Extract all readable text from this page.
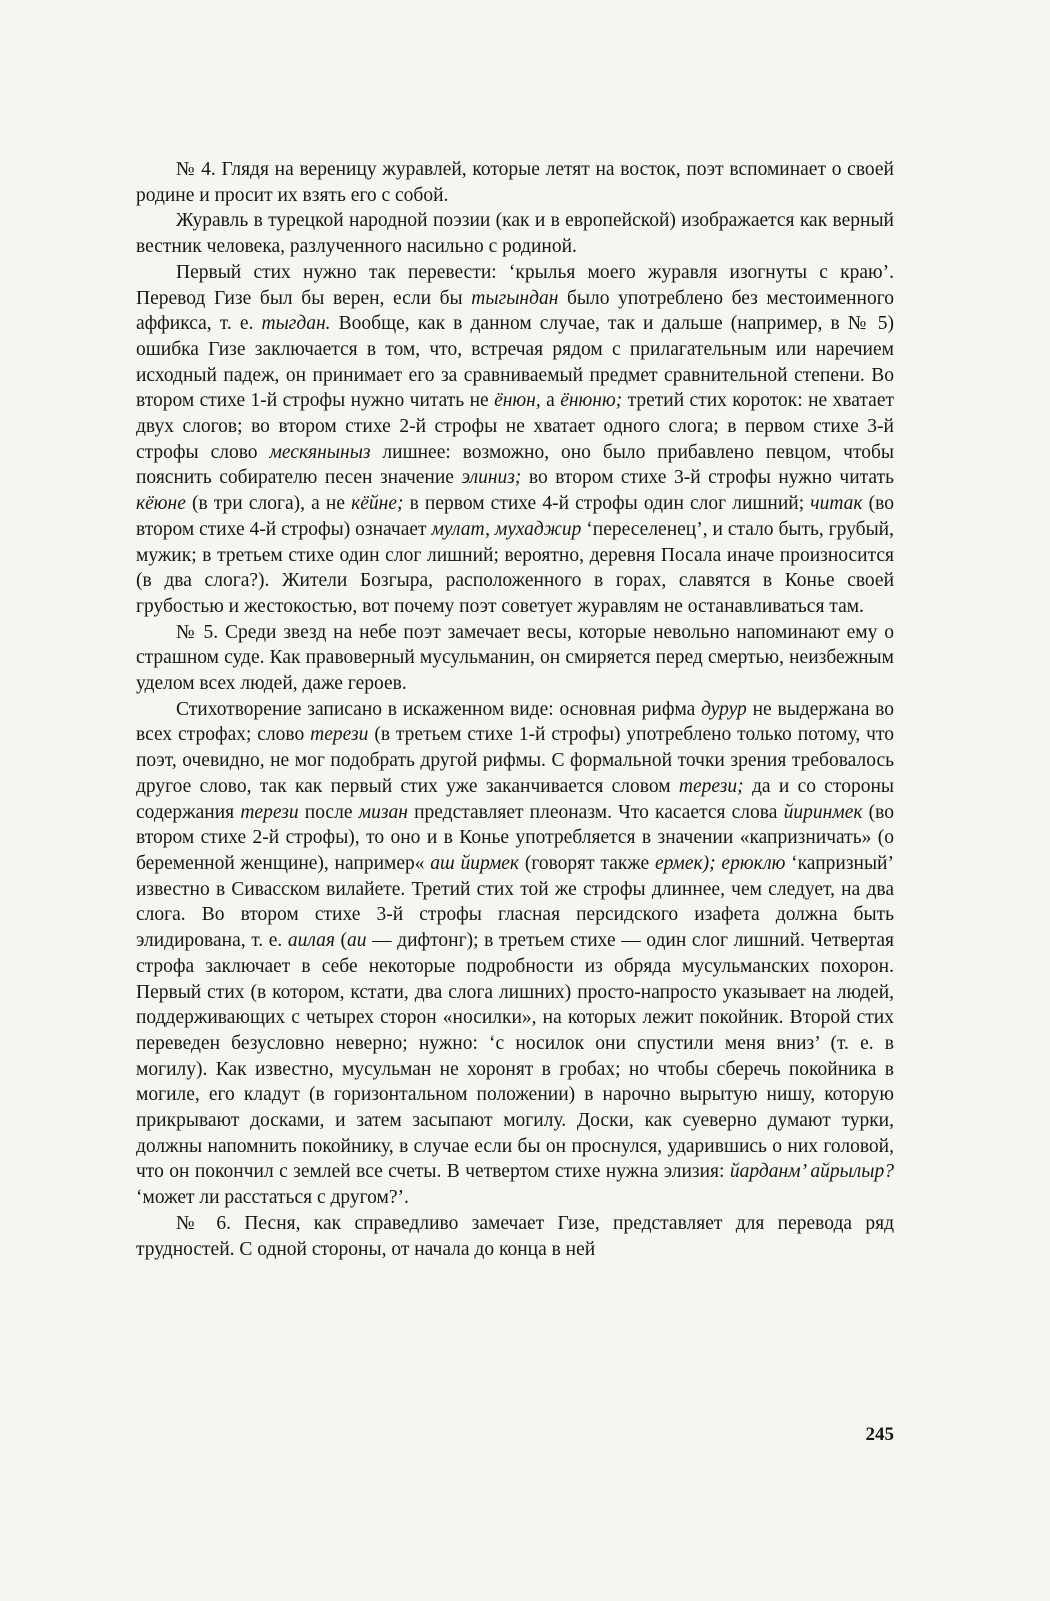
№ 4. Глядя на вереницу журавлей, которые летят на восток, поэт вспоминает о своей родине и просит их взять его с собой.

Журавль в турецкой народной поэзии (как и в европейской) изображается как верный вестник человека, разлученного насильно с родиной.

Первый стих нужно так перевести: ‘крылья моего журавля изогнуты с краю’. Перевод Гизе был бы верен, если бы тыгындан было употреблено без местоименного аффикса, т. е. тыгдан. Вообще, как в данном случае, так и дальше (например, в № 5) ошибка Гизе заключается в том, что, встречая рядом с прилагательным или наречием исходный падеж, он принимает его за сравниваемый предмет сравнительной степени. Во втором стихе 1-й строфы нужно читать не ёнюн, а ёнюню; третий стих короток: не хватает двух слогов; во втором стихе 2-й строфы не хватает одного слога; в первом стихе 3-й строфы слово мескяныныз лишнее: возможно, оно было прибавлено певцом, чтобы пояснить собирателю песен значение элиниз; во втором стихе 3-й строфы нужно читать кёюне (в три слога), а не кёйне; в первом стихе 4-й строфы один слог лишний; читак (во втором стихе 4-й строфы) означает мулат, мухаджир ‘переселенец’, и стало быть, грубый, мужик; в третьем стихе один слог лишний; вероятно, деревня Посала иначе произносится (в два слога?). Жители Бозгыра, расположенного в горах, славятся в Конье своей грубостью и жестокостью, вот почему поэт советует журавлям не останавливаться там.

№ 5. Среди звезд на небе поэт замечает весы, которые невольно напоминают ему о страшном суде. Как правоверный мусульманин, он смиряется перед смертью, неизбежным уделом всех людей, даже героев.

Стихотворение записано в искаженном виде: основная рифма дурур не выдержана во всех строфах; слово терези (в третьем стихе 1-й строфы) употреблено только потому, что поэт, очевидно, не мог подобрать другой рифмы. С формальной точки зрения требовалось другое слово, так как первый стих уже заканчивается словом терези; да и со стороны содержания терези после мизан представляет плеоназм. Что касается слова йиринмек (во втором стихе 2-й строфы), то оно и в Конье употребляется в значении «капризничать» (о беременной женщине), например« аш йирмек (говорят также ермек); ерюклю ‘капризный’ известно в Сивасском вилайете. Третий стих той же строфы длиннее, чем следует, на два слога. Во втором стихе 3-й строфы гласная персидского изафета должна быть элидирована, т. е. аилая (аи — дифтонг); в третьем стихе — один слог лишний. Четвертая строфа заключает в себе некоторые подробности из обряда мусульманских похорон. Первый стих (в котором, кстати, два слога лишних) просто-напросто указывает на людей, поддерживающих с четырех сторон «носилки», на которых лежит покойник. Второй стих переведен безусловно неверно; нужно: ‘с носилок они спустили меня вниз’ (т. е. в могилу). Как известно, мусульман не хоронят в гробах; но чтобы сберечь покойника в могиле, его кладут (в горизонтальном положении) в нарочно вырытую нишу, которую прикрывают досками, и затем засыпают могилу. Доски, как суеверно думают турки, должны напомнить покойнику, в случае если бы он проснулся, ударившись о них головой, что он покончил с землей все счеты. В четвертом стихе нужна элизия: йарданм’ айрылыр? ‘может ли расстаться с другом?’.

№ 6. Песня, как справедливо замечает Гизе, представляет для перевода ряд трудностей. С одной стороны, от начала до конца в ней

245
